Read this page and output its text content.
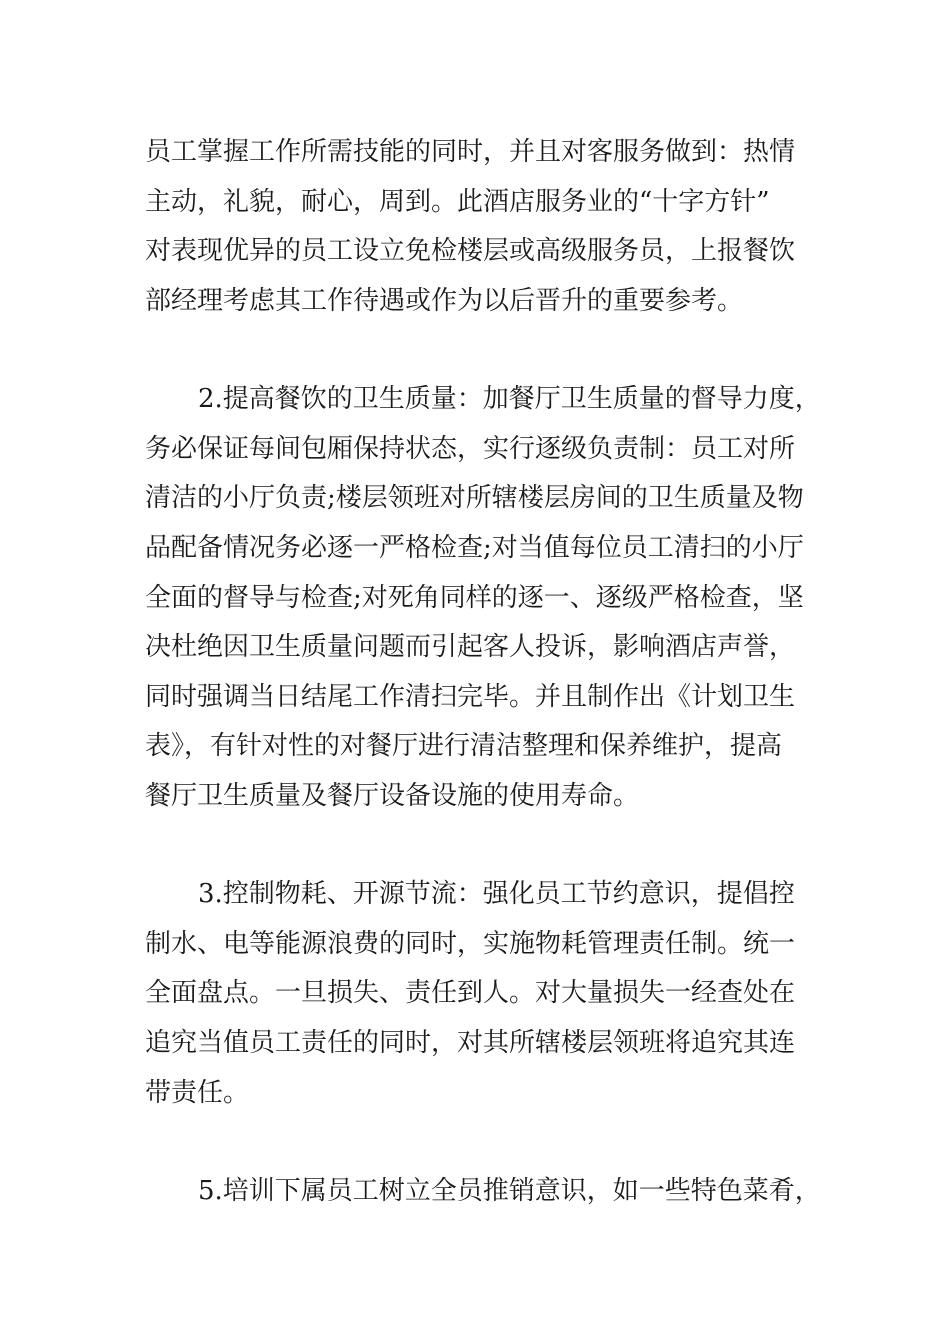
员工掌握工作所需技能的同时，并且对客服务做到：热情
主动，礼貌，耐心，周到。此酒店服务业的“十字方针”
对表现优异的员工设立免检楼层或高级服务员，上报餐饮
部经理考虑其工作待遇或作为以后晋升的重要参考。
2.提高餐饮的卫生质量：加餐厅卫生质量的督导力度，
务必保证每间包厢保持状态，实行逐级负责制：员工对所
清洁的小厅负责;楼层领班对所辖楼层房间的卫生质量及物
品配备情况务必逐一严格检查;对当值每位员工清扫的小厅
全面的督导与检查;对死角同样的逐一、逐级严格检查，坚
决杜绝因卫生质量问题而引起客人投诉，影响酒店声誉，
同时强调当日结尾工作清扫完毕。并且制作出《计划卫生
表》，有针对性的对餐厅进行清洁整理和保养维护，提高
餐厅卫生质量及餐厅设备设施的使用寿命。
3.控制物耗、开源节流：强化员工节约意识，提倡控
制水、电等能源浪费的同时，实施物耗管理责任制。统一
全面盘点。一旦损失、责任到人。对大量损失一经查处在
追究当值员工责任的同时，对其所辖楼层领班将追究其连
带责任。
5.培训下属员工树立全员推销意识，如一些特色菜肴，
